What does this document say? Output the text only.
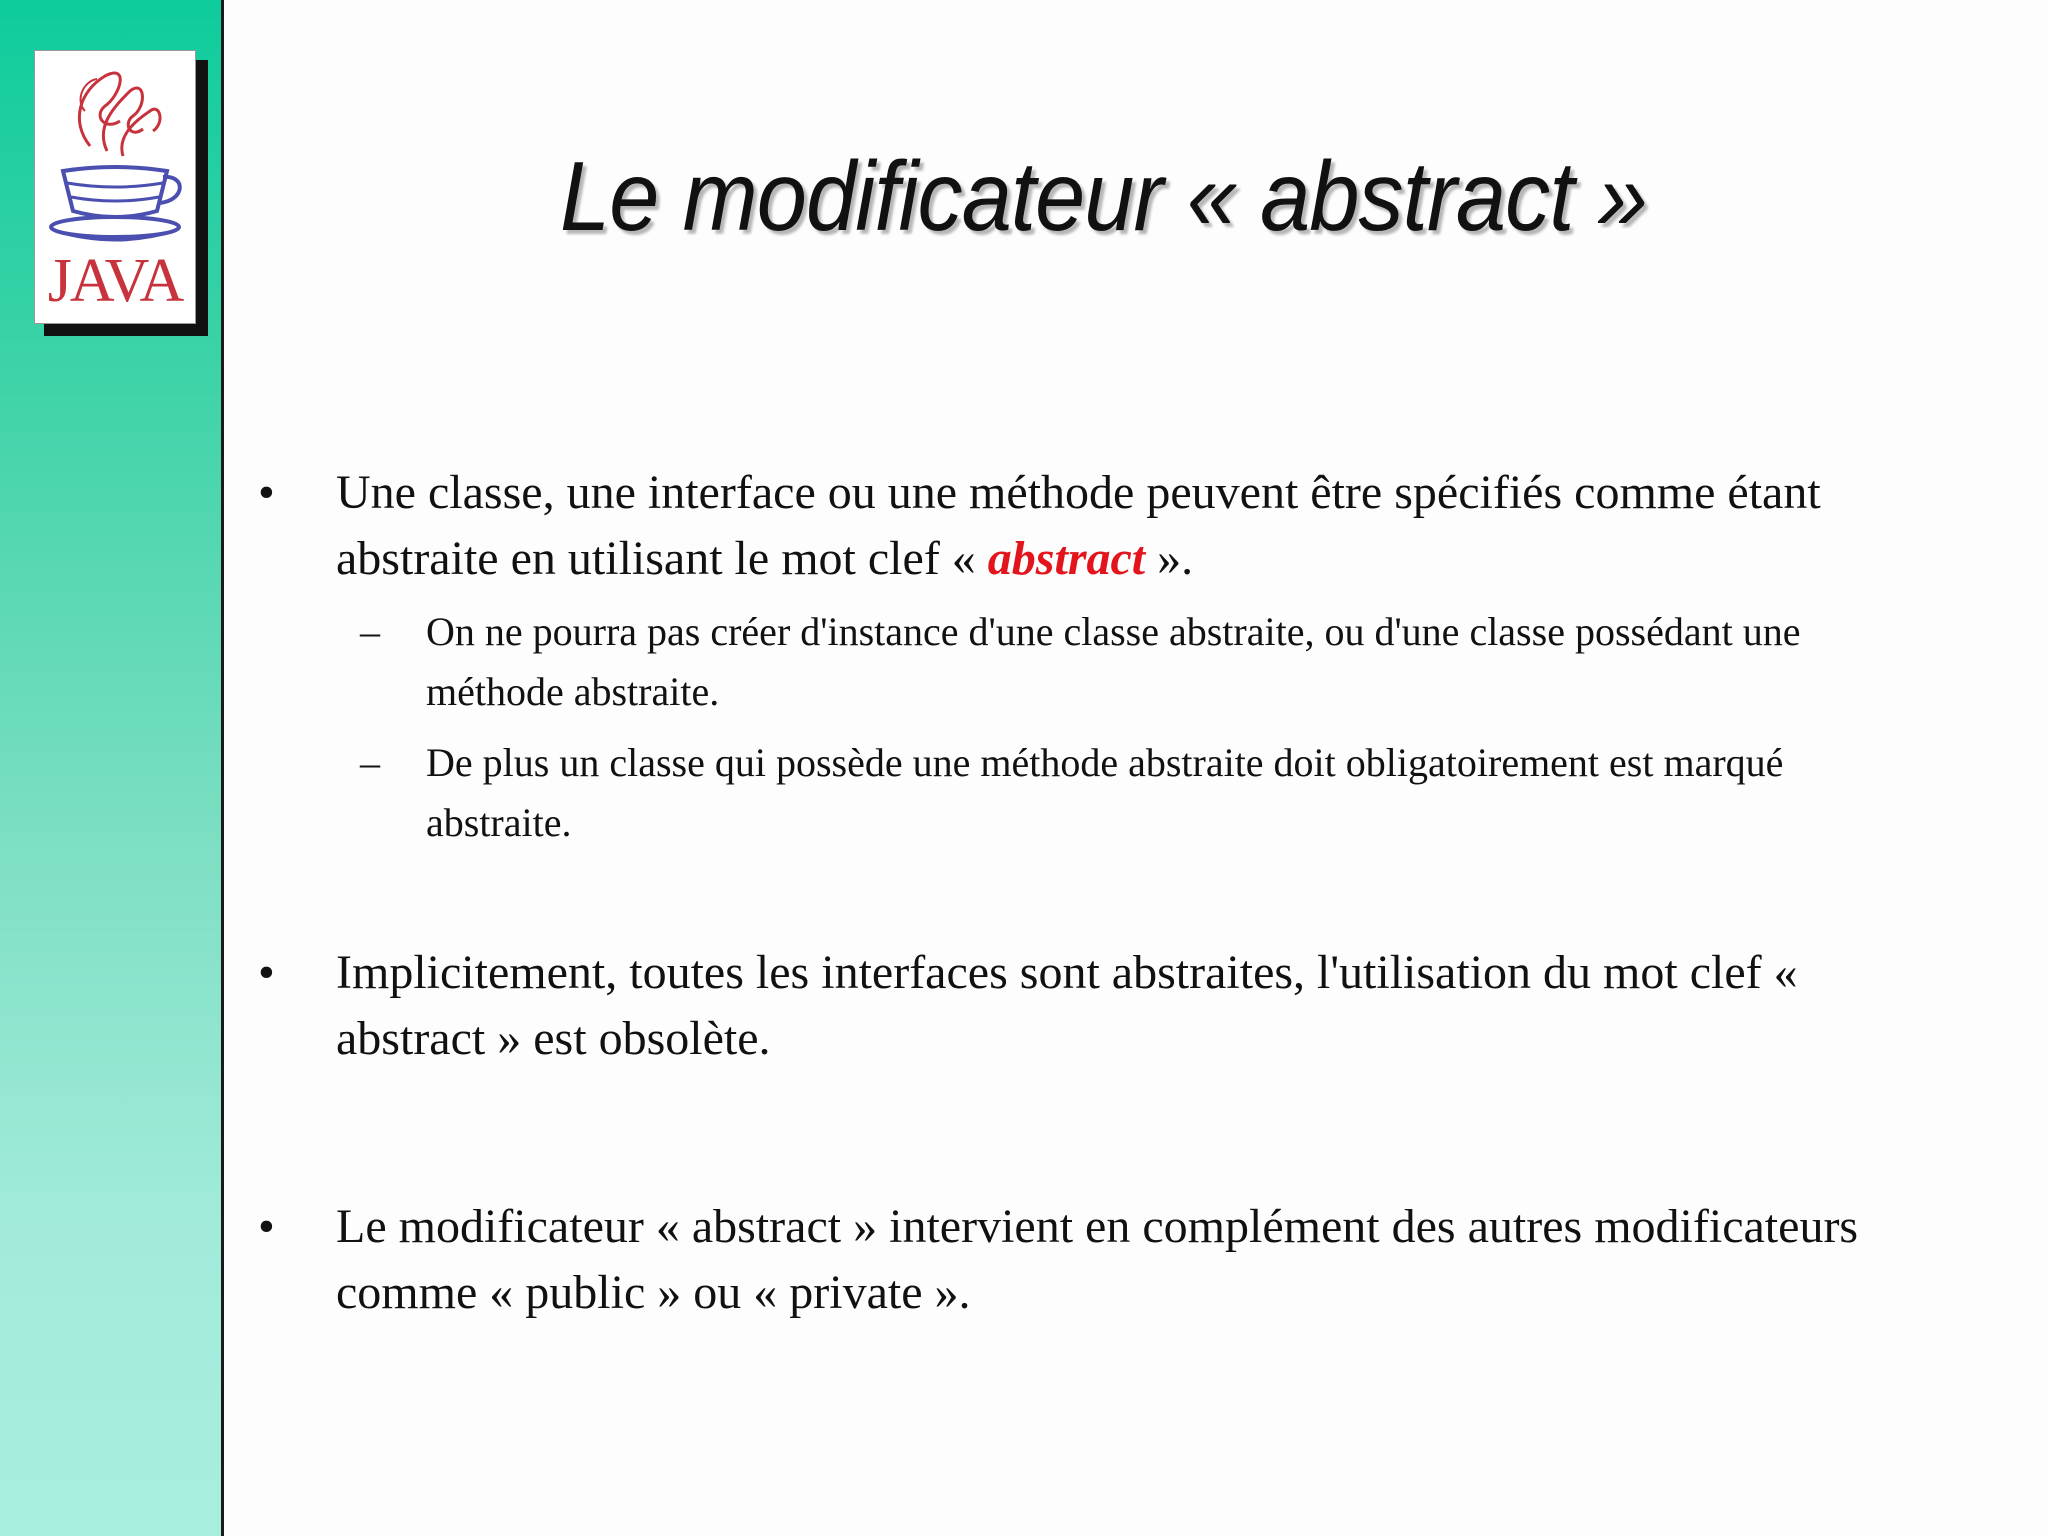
JAVA
Le modificateur « abstract »
• Une classe, une interface ou une méthode peuvent être spécifiés comme étant abstraite en utilisant le mot clef « abstract ».
– On ne pourra pas créer d'instance d'une classe abstraite, ou d'une classe possédant une méthode abstraite.
– De plus un classe qui possède une méthode abstraite doit obligatoirement est marqué abstraite.
• Implicitement, toutes les interfaces sont abstraites, l'utilisation du mot clef « abstract » est obsolète.
• Le modificateur « abstract » intervient en complément des autres modificateurs comme « public » ou « private ».
